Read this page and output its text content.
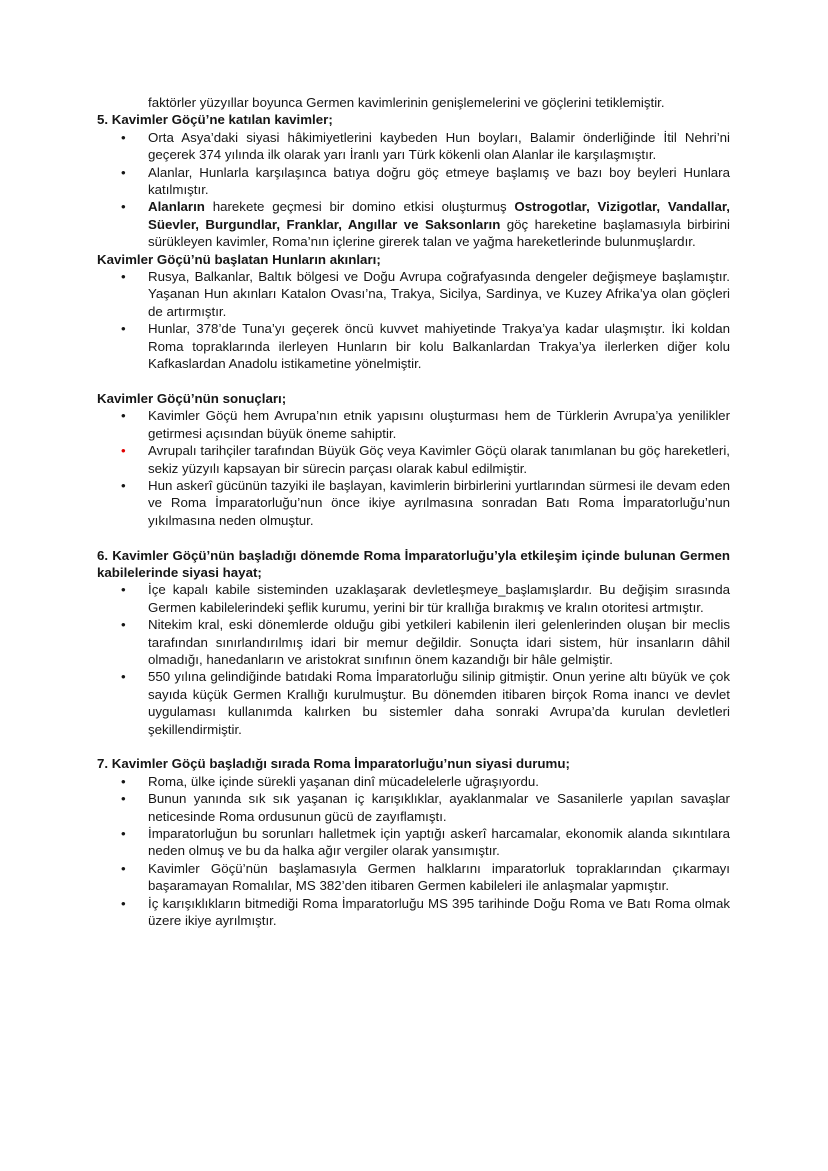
faktörler yüzyıllar boyunca Germen kavimlerinin genişlemelerini ve göçlerini tetiklemiştir.
5. Kavimler Göçü’ne katılan kavimler;
•	Orta Asya’daki siyasi hâkimiyetlerini kaybeden Hun boyları, Balamir önderliğinde İtil Nehri’ni geçerek 374 yılında ilk olarak yarı İranlı yarı Türk kökenli olan Alanlar ile karşılaşmıştır.
•	Alanlar, Hunlarla karşılaşınca batıya doğru göç etmeye başlamış ve bazı boy beyleri Hunlara katılmıştır.
•	Alanların harekete geçmesi bir domino etkisi oluşturmuş Ostrogotlar, Vizigotlar, Vandallar, Süevler, Burgundlar, Franklar, Angıllar ve Saksonların göç hareketine başlamasıyla birbirini sürükleyen kavimler, Roma’nın içlerine girerek talan ve yağma hareketlerinde bulunmuşlardır.
Kavimler Göçü’nü başlatan Hunların akınları;
•	Rusya, Balkanlar, Baltık bölgesi ve Doğu Avrupa coğrafyasında dengeler değişmeye başlamıştır. Yaşanan Hun akınları Katalon Ovası’na, Trakya, Sicilya, Sardinya, ve Kuzey Afrika’ya olan göçleri de artırmıştır.
•	Hunlar, 378’de Tuna’yı geçerek öncü kuvvet mahiyetinde Trakya’ya kadar ulaşmıştır. İki koldan Roma topraklarında ilerleyen Hunların bir kolu Balkanlardan Trakya’ya ilerlerken diğer kolu Kafkaslardan Anadolu istikametine yönelmiştir.
Kavimler Göçü’nün sonuçları;
•	Kavimler Göçü hem Avrupa’nın etnik yapısını oluşturması hem de Türklerin Avrupa’ya yenilikler getirmesi açısından büyük öneme sahiptir.
•	Avrupalı tarihçiler tarafından Büyük Göç veya Kavimler Göçü olarak tanımlanan bu göç hareketleri, sekiz yüzyılı kapsayan bir sürecin parçası olarak kabul edilmiştir.
•	Hun askerî gücünün tazyiki ile başlayan, kavimlerin birbirlerini yurtlarından sürmesi ile devam eden ve Roma İmparatorluğu’nun önce ikiye ayrılmasına sonradan Batı Roma İmparatorluğu’nun yıkılmasına neden olmuştur.
6. Kavimler Göçü’nün başladığı dönemde Roma İmparatorluğu’yla etkileşim içinde bulunan Germen kabilelerinde siyasi hayat;
•	İçe kapalı kabile sisteminden uzaklaşarak devletleşmeye_başlamışlardır. Bu değişim sırasında Germen kabilelerindeki şeflik kurumu, yerini bir tür krallığa bırakmış ve kralın otoritesi artmıştır.
•	Nitekim kral, eski dönemlerde olduğu gibi yetkileri kabilenin ileri gelenlerinden oluşan bir meclis tarafından sınırlandırılmış idari bir memur değildir. Sonuçta idari sistem, hür insanların dâhil olmadığı, hanedanların ve aristokrat sınıfının önem kazandığı bir hâle gelmiştir.
•	550 yılına gelindiğinde batıdaki Roma İmparatorluğu silinip gitmiştir. Onun yerine altı büyük ve çok sayıda küçük Germen Krallığı kurulmuştur. Bu dönemden itibaren birçok Roma inancı ve devlet uygulaması kullanımda kalırken bu sistemler daha sonraki Avrupa’da kurulan devletleri şekillendirmiştir.
7. Kavimler Göçü başladığı sırada Roma İmparatorluğu’nun siyasi durumu;
•	Roma, ülke içinde sürekli yaşanan dinî mücadelelerle uğraşıyordu.
•	Bunun yanında sık sık yaşanan iç karışıklıklar, ayaklanmalar ve Sasanilerle yapılan savaşlar neticesinde Roma ordusunun gücü de zayıflamıştı.
•	İmparatorluğun bu sorunları halletmek için yaptığı askerî harcamalar, ekonomik alanda sıkıntılara neden olmuş ve bu da halka ağır vergiler olarak yansımıştır.
•	Kavimler Göçü’nün başlamasıyla Germen halklarını imparatorluk topraklarından çıkarmayı başaramayan Romalılar, MS 382’den itibaren Germen kabileleri ile anlaşmalar yapmıştır.
•	İç karışıklıkların bitmediği Roma İmparatorluğu MS 395 tarihinde Doğu Roma ve Batı Roma olmak üzere ikiye ayrılmıştır.
